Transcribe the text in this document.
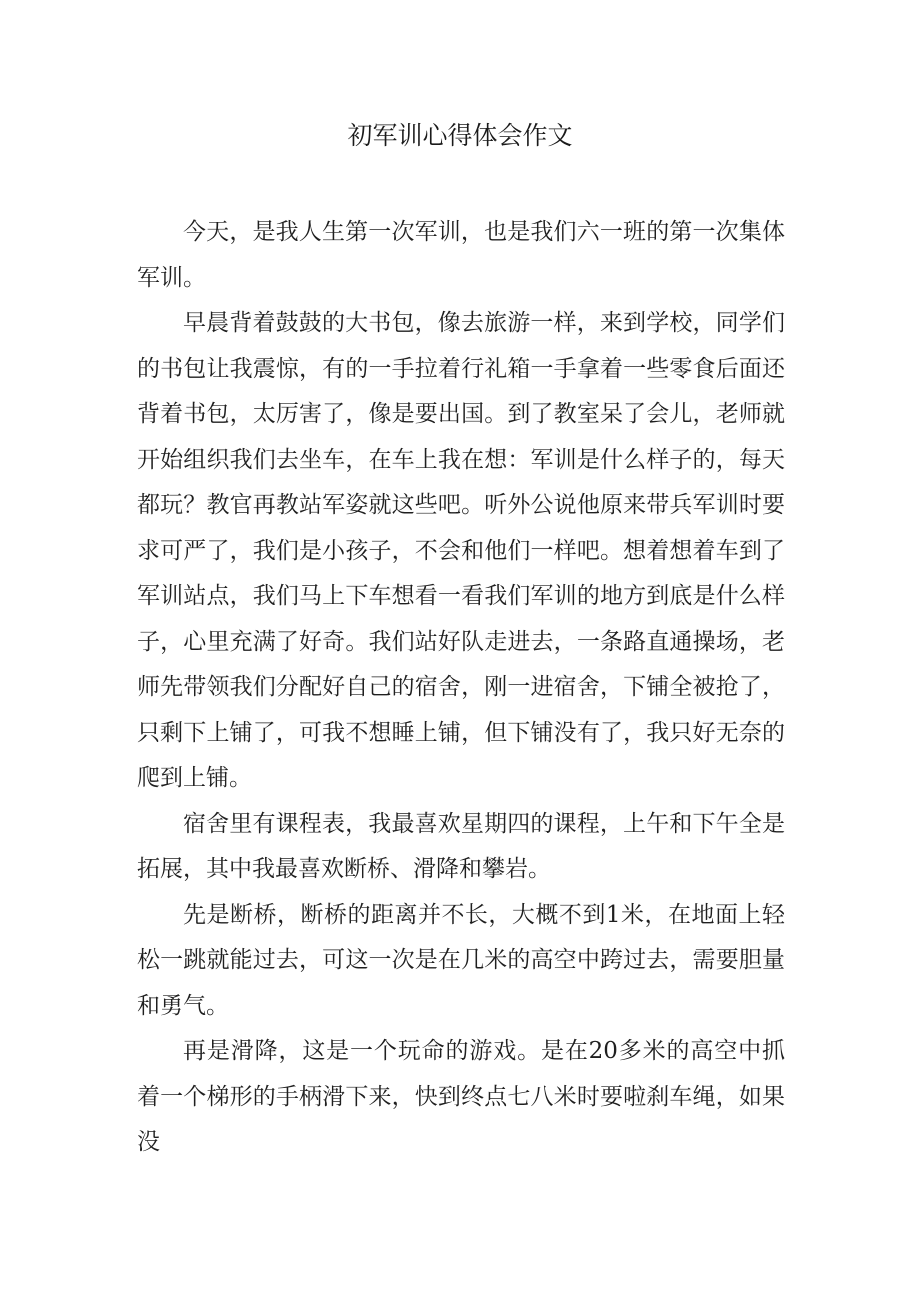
初军训心得体会作文

今天，是我人生第一次军训，也是我们六一班的第一次集体军训。

早晨背着鼓鼓的大书包，像去旅游一样，来到学校，同学们的书包让我震惊，有的一手拉着行礼箱一手拿着一些零食后面还背着书包，太厉害了，像是要出国。到了教室呆了会儿，老师就开始组织我们去坐车，在车上我在想：军训是什么样子的，每天都玩？教官再教站军姿就这些吧。听外公说他原来带兵军训时要求可严了，我们是小孩子，不会和他们一样吧。想着想着车到了军训站点，我们马上下车想看一看我们军训的地方到底是什么样子，心里充满了好奇。我们站好队走进去，一条路直通操场，老师先带领我们分配好自己的宿舍，刚一进宿舍，下铺全被抢了，只剩下上铺了，可我不想睡上铺，但下铺没有了，我只好无奈的爬到上铺。

宿舍里有课程表，我最喜欢星期四的课程，上午和下午全是拓展，其中我最喜欢断桥、滑降和攀岩。

先是断桥，断桥的距离并不长，大概不到1米，在地面上轻松一跳就能过去，可这一次是在几米的高空中跨过去，需要胆量和勇气。

再是滑降，这是一个玩命的游戏。是在20多米的高空中抓着一个梯形的手柄滑下来，快到终点七八米时要啦刹车绳，如果没
